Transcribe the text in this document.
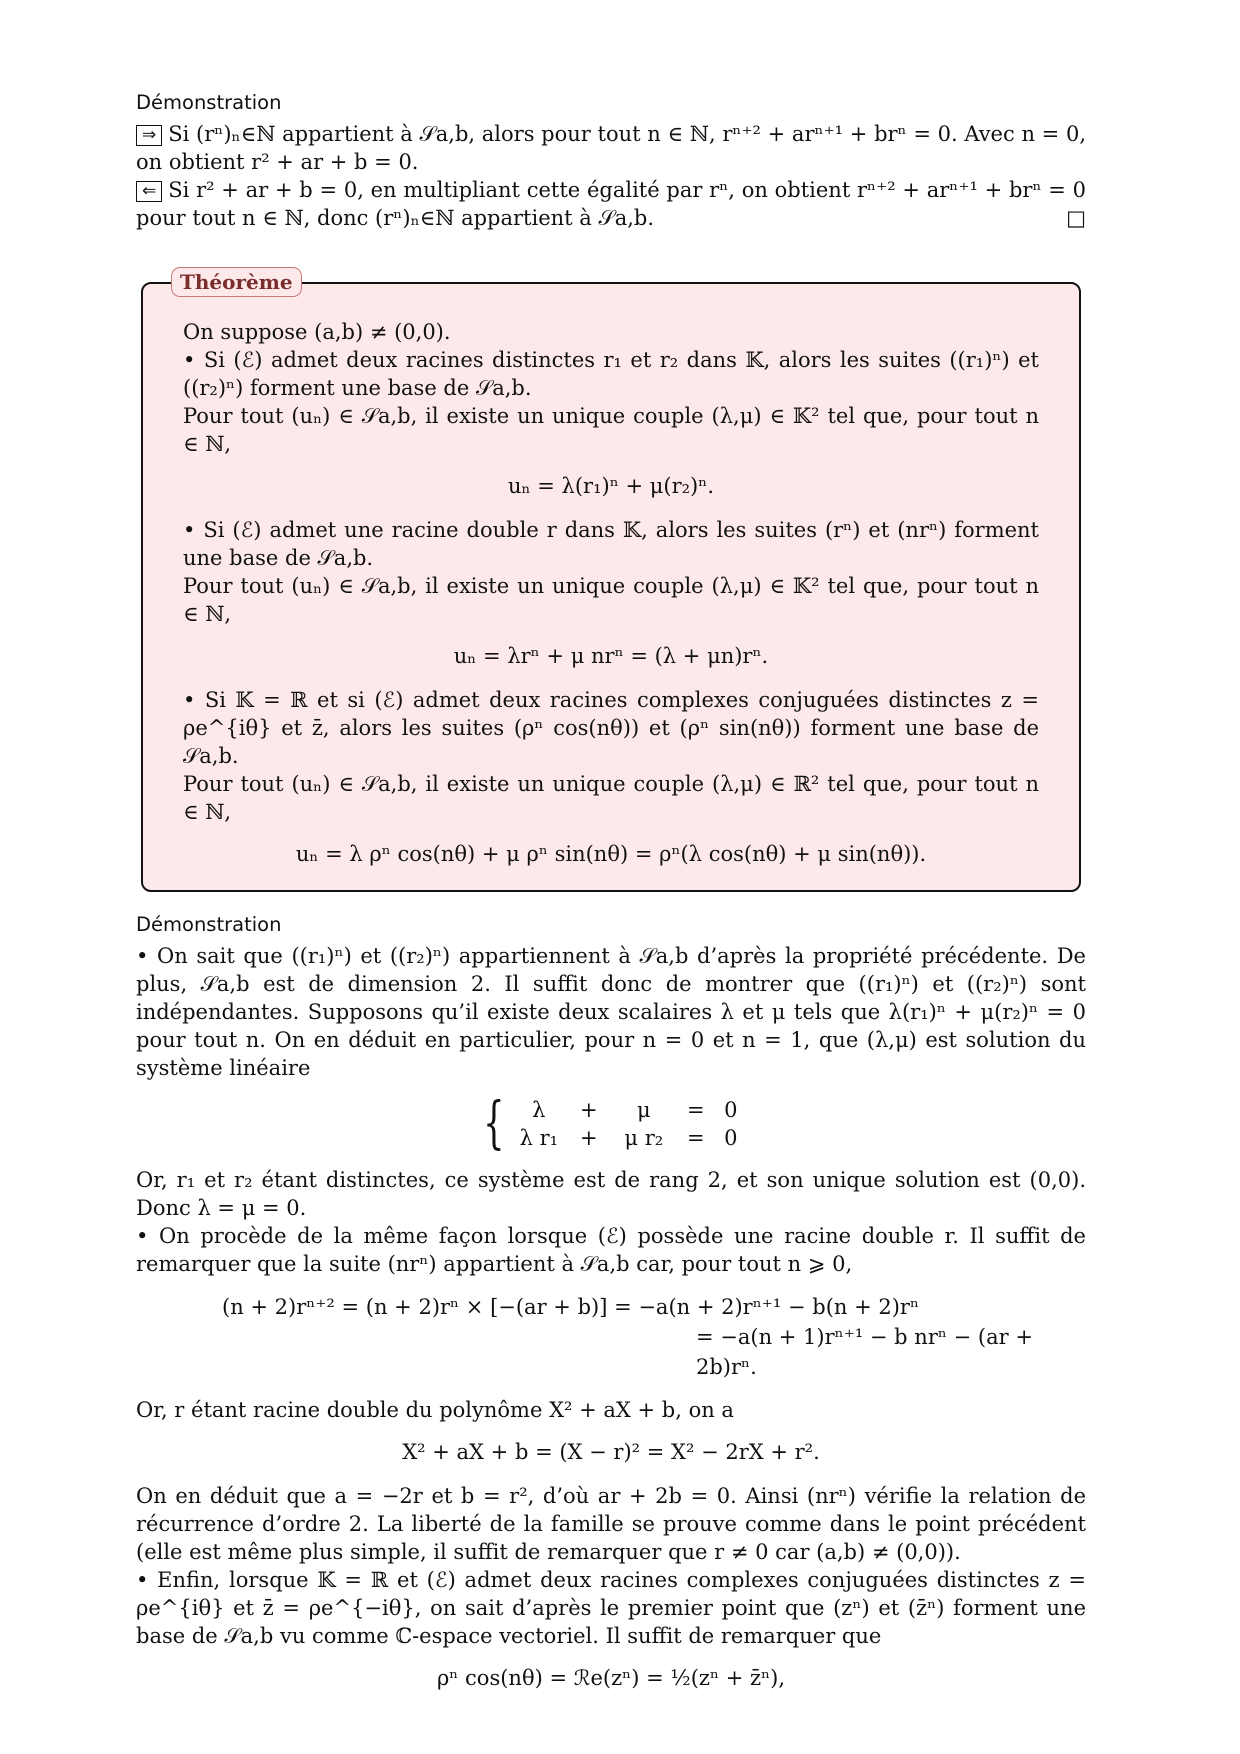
Démonstration

⇒ Si (rⁿ)ₙ∈ℕ appartient à 𝒮a,b, alors pour tout n ∈ ℕ, rⁿ⁺² + arⁿ⁺¹ + brⁿ = 0. Avec n = 0, on obtient r² + ar + b = 0.

⇐ Si r² + ar + b = 0, en multipliant cette égalité par rⁿ, on obtient rⁿ⁺² + arⁿ⁺¹ + brⁿ = 0 pour tout n ∈ ℕ, donc (rⁿ)ₙ∈ℕ appartient à 𝒮a,b.	□

Théorème

On suppose (a,b) ≠ (0,0).

• Si (ℰ) admet deux racines distinctes r₁ et r₂ dans 𝕂, alors les suites ((r₁)ⁿ) et ((r₂)ⁿ) forment une base de 𝒮a,b.

Pour tout (uₙ) ∈ 𝒮a,b, il existe un unique couple (λ,μ) ∈ 𝕂² tel que, pour tout n ∈ ℕ,

uₙ = λ(r₁)ⁿ + μ(r₂)ⁿ.

• Si (ℰ) admet une racine double r dans 𝕂, alors les suites (rⁿ) et (nrⁿ) forment une base de 𝒮a,b.

Pour tout (uₙ) ∈ 𝒮a,b, il existe un unique couple (λ,μ) ∈ 𝕂² tel que, pour tout n ∈ ℕ,

uₙ = λrⁿ + μ nrⁿ = (λ + μn)rⁿ.

• Si 𝕂 = ℝ et si (ℰ) admet deux racines complexes conjuguées distinctes z = ρe^{iθ} et z̄, alors les suites (ρⁿ cos(nθ)) et (ρⁿ sin(nθ)) forment une base de 𝒮a,b.

Pour tout (uₙ) ∈ 𝒮a,b, il existe un unique couple (λ,μ) ∈ ℝ² tel que, pour tout n ∈ ℕ,

uₙ = λ ρⁿ cos(nθ) + μ ρⁿ sin(nθ) = ρⁿ(λ cos(nθ) + μ sin(nθ)).
Démonstration

• On sait que ((r₁)ⁿ) et ((r₂)ⁿ) appartiennent à 𝒮a,b d’après la propriété précédente. De plus, 𝒮a,b est de dimension 2. Il suffit donc de montrer que ((r₁)ⁿ) et ((r₂)ⁿ) sont indépendantes. Supposons qu’il existe deux scalaires λ et μ tels que λ(r₁)ⁿ + μ(r₂)ⁿ = 0 pour tout n. On en déduit en particulier, pour n = 0 et n = 1, que (λ,μ) est solution du système linéaire

{	λ	+	μ	= 0
λ r₁	+	μ r₂	= 0

Or, r₁ et r₂ étant distinctes, ce système est de rang 2, et son unique solution est (0,0). Donc λ = μ = 0.

• On procède de la même façon lorsque (ℰ) possède une racine double r. Il suffit de remarquer que la suite (nrⁿ) appartient à 𝒮a,b car, pour tout n ⩾ 0,

(n + 2)rⁿ⁺² = (n + 2)rⁿ × [−(ar + b)] = −a(n + 2)rⁿ⁺¹ − b(n + 2)rⁿ
= −a(n + 1)rⁿ⁺¹ − b nrⁿ − (ar + 2b)rⁿ.

Or, r étant racine double du polynôme X² + aX + b, on a

X² + aX + b = (X − r)² = X² − 2rX + r².

On en déduit que a = −2r et b = r², d’où ar + 2b = 0. Ainsi (nrⁿ) vérifie la relation de récurrence d’ordre 2. La liberté de la famille se prouve comme dans le point précédent (elle est même plus simple, il suffit de remarquer que r ≠ 0 car (a,b) ≠ (0,0)).

• Enfin, lorsque 𝕂 = ℝ et (ℰ) admet deux racines complexes conjuguées distinctes z = ρe^{iθ} et z̄ = ρe^{−iθ}, on sait d’après le premier point que (zⁿ) et (z̄ⁿ) forment une base de 𝒮a,b vu comme ℂ-espace vectoriel. Il suffit de remarquer que

ρⁿ cos(nθ) = ℛe(zⁿ) = ½(zⁿ + z̄ⁿ),
